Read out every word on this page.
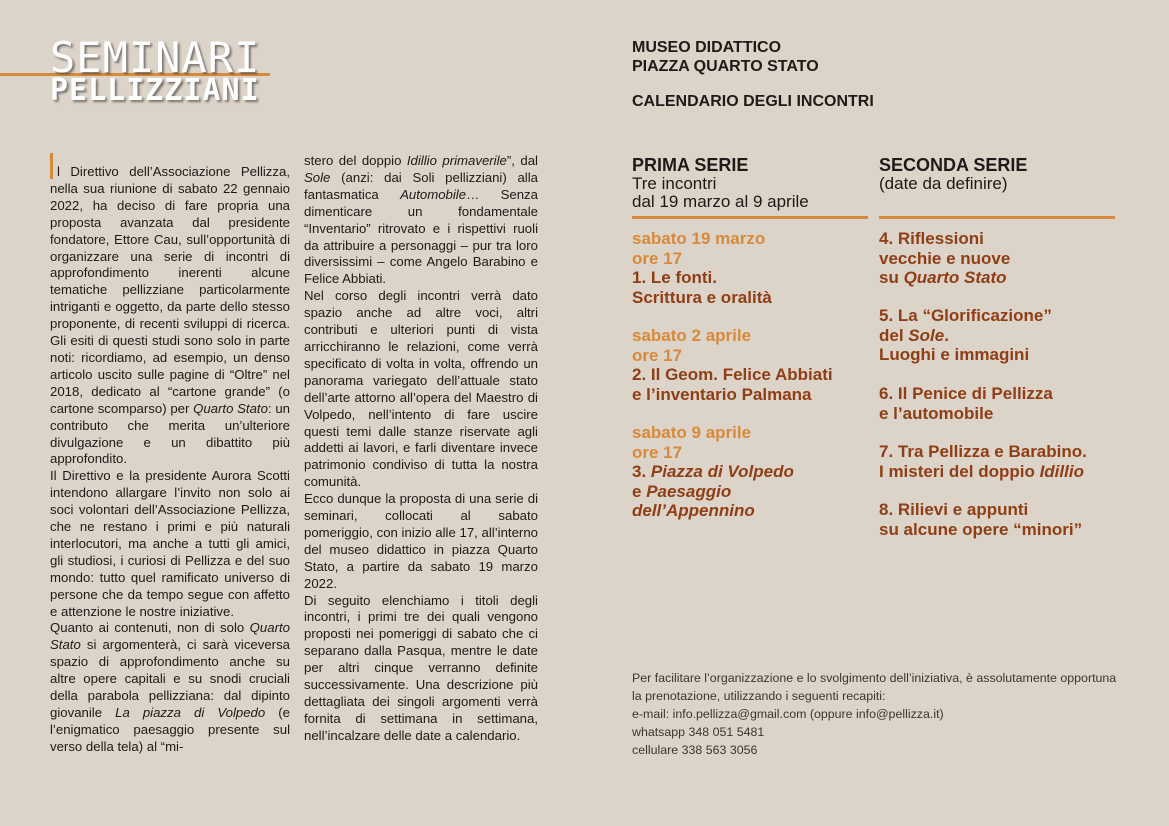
SEMINARI
PELLIZZIANI

l Direttivo dell’Associazione Pellizza, nella sua riunione di sabato 22 gennaio 2022, ha deciso di fare propria una proposta avanzata dal presidente fondatore, Ettore Cau, sull’opportunità di organizzare una serie di incontri di approfondimento inerenti alcune tematiche pellizziane particolarmente intriganti e oggetto, da parte dello stesso proponente, di recenti sviluppi di ricerca. Gli esiti di questi studi sono solo in parte noti: ricordiamo, ad esempio, un denso articolo uscito sulle pagine di “Oltre” nel 2018, dedicato al “cartone grande” (o cartone scomparso) per Quarto Stato: un contributo che merita un’ulteriore divulgazione e un dibattito più approfondito.

Il Direttivo e la presidente Aurora Scotti intendono allargare l’invito non solo ai soci volontari dell’Associazione Pellizza, che ne restano i primi e più naturali interlocutori, ma anche a tutti gli amici, gli studiosi, i curiosi di Pellizza e del suo mondo: tutto quel ramificato universo di persone che da tempo segue con affetto e attenzione le nostre iniziative.

Quanto ai contenuti, non di solo Quarto Stato si argomenterà, ci sarà viceversa spazio di approfondimento anche su altre opere capitali e su snodi cruciali della parabola pellizziana: dal dipinto giovanile La piazza di Volpedo (e l’enigmatico paesaggio presente sul verso della tela) al “mi-

stero del doppio Idillio primaverile”, dal Sole (anzi: dai Soli pellizziani) alla fantasmatica Automobile… Senza dimenticare un fondamentale “Inventario” ritrovato e i rispettivi ruoli da attribuire a personaggi – pur tra loro diversissimi – come Angelo Barabino e Felice Abbiati.

Nel corso degli incontri verrà dato spazio anche ad altre voci, altri contributi e ulteriori punti di vista arricchiranno le relazioni, come verrà specificato di volta in volta, offrendo un panorama variegato dell’attuale stato dell’arte attorno all’opera del Maestro di Volpedo, nell’intento di fare uscire questi temi dalle stanze riservate agli addetti ai lavori, e farli diventare invece patrimonio condiviso di tutta la nostra comunità.

Ecco dunque la proposta di una serie di seminari, collocati al sabato pomeriggio, con inizio alle 17, all’interno del museo didattico in piazza Quarto Stato, a partire da sabato 19 marzo 2022.

Di seguito elenchiamo i titoli degli incontri, i primi tre dei quali vengono proposti nei pomeriggi di sabato che ci separano dalla Pasqua, mentre le date per altri cinque verranno definite successivamente. Una descrizione più dettagliata dei singoli argomenti verrà fornita di settimana in settimana, nell’incalzare delle date a calendario.

MUSEO DIDATTICO
PIAZZA QUARTO STATO
CALENDARIO DEGLI INCONTRI
PRIMA SERIE
Tre incontri
dal 19 marzo al 9 aprile
SECONDA SERIE
(date da definire)
sabato 19 marzo
ore 17
1. Le fonti.
Scrittura e oralità
sabato 2 aprile
ore 17
2. Il Geom. Felice Abbiati
e l’inventario Palmana
sabato 9 aprile
ore 17
3. Piazza di Volpedo
e Paesaggio
dell’Appennino
4. Riflessioni
vecchie e nuove
su Quarto Stato
5. La “Glorificazione”
del Sole.
Luoghi e immagini
6. Il Penice di Pellizza
e l’automobile
7. Tra Pellizza e Barabino.
I misteri del doppio Idillio
8. Rilievi e appunti
su alcune opere “minori”

Per facilitare l’organizzazione e lo svolgimento dell’iniziativa, è assolutamente opportuna la prenotazione, utilizzando i seguenti recapiti:

e-mail: info.pellizza@gmail.com (oppure info@pellizza.it)

whatsapp 348 051 5481

cellulare 338 563 3056
